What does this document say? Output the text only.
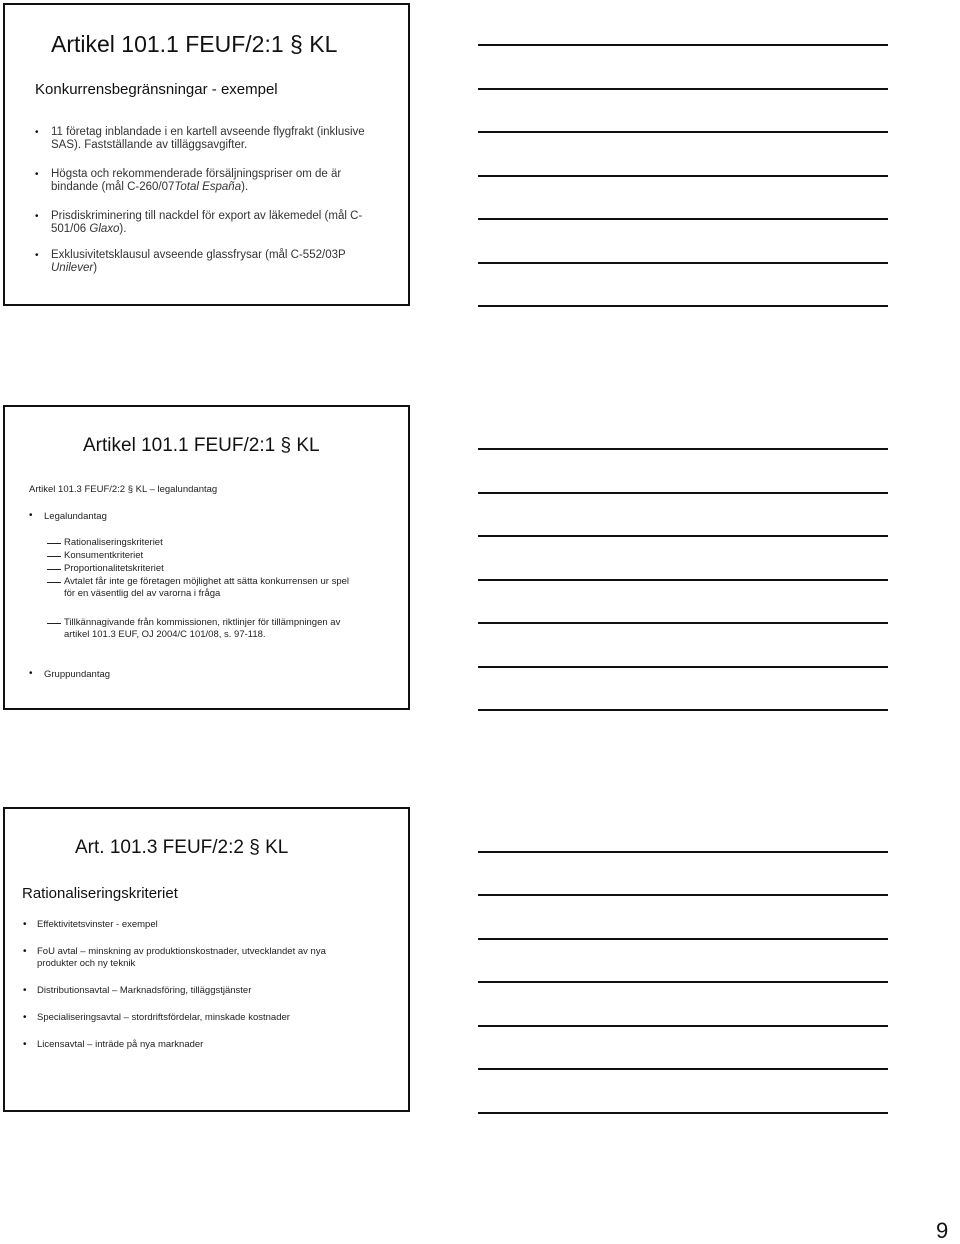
Artikel 101.1 FEUF/2:1 § KL
Konkurrensbegränsningar - exempel
• 11 företag inblandade i en kartell avseende flygfrakt (inklusive
SAS). Fastställande av tilläggsavgifter.
• Högsta och rekommenderade försäljningspriser om de är
bindande (mål C-260/07Total España).
• Prisdiskriminering till nackdel för export av läkemedel (mål C-
501/06 Glaxo).
• Exklusivitetsklausul avseende glassfrysar (mål C-552/03P
Unilever)
Artikel 101.1 FEUF/2:1 § KL
Artikel 101.3 FEUF/2:2 § KL – legalundantag
• Legalundantag
Rationaliseringskriteriet
Konsumentkriteriet
Proportionalitetskriteriet
Avtalet får inte ge företagen möjlighet att sätta konkurrensen ur spel
för en väsentlig del av varorna i fråga
Tillkännagivande från kommissionen, riktlinjer för tillämpningen av
artikel 101.3 EUF, OJ 2004/C 101/08, s. 97-118.
• Gruppundantag
Art. 101.3 FEUF/2:2 § KL
Rationaliseringskriteriet
• Effektivitetsvinster - exempel
• FoU avtal – minskning av produktionskostnader, utvecklandet av nya
produkter och ny teknik
• Distributionsavtal – Marknadsföring, tilläggstjänster
• Specialiseringsavtal – stordriftsfördelar, minskade kostnader
• Licensavtal – inträde på nya marknader
9
